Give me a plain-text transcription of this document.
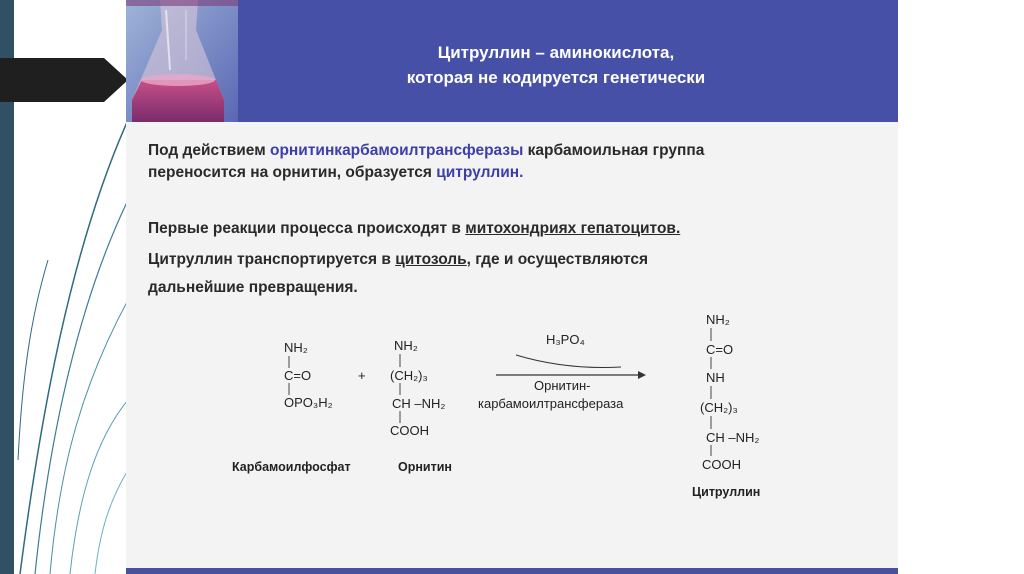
Цитруллин – аминокислота,
которая не кодируется генетически
Под действием орнитинкарбамоилтрансферазы карбамоильная группа
переносится на орнитин, образуется цитруллин.
Первые реакции процесса происходят в митохондриях гепатоцитов.
Цитруллин транспортируется в цитозоль, где и осуществляются
дальнейшие превращения.
NH₂
C=O
OPO₃H₂
Карбамоилфосфат
+
NH₂
(CH₂)₃
CH –NH₂
COOH
Орнитин
H₃PO₄
Орнитин-
карбамоилтрансфераза
NH₂
C=O
NH
(CH₂)₃
CH –NH₂
COOH
Цитруллин
